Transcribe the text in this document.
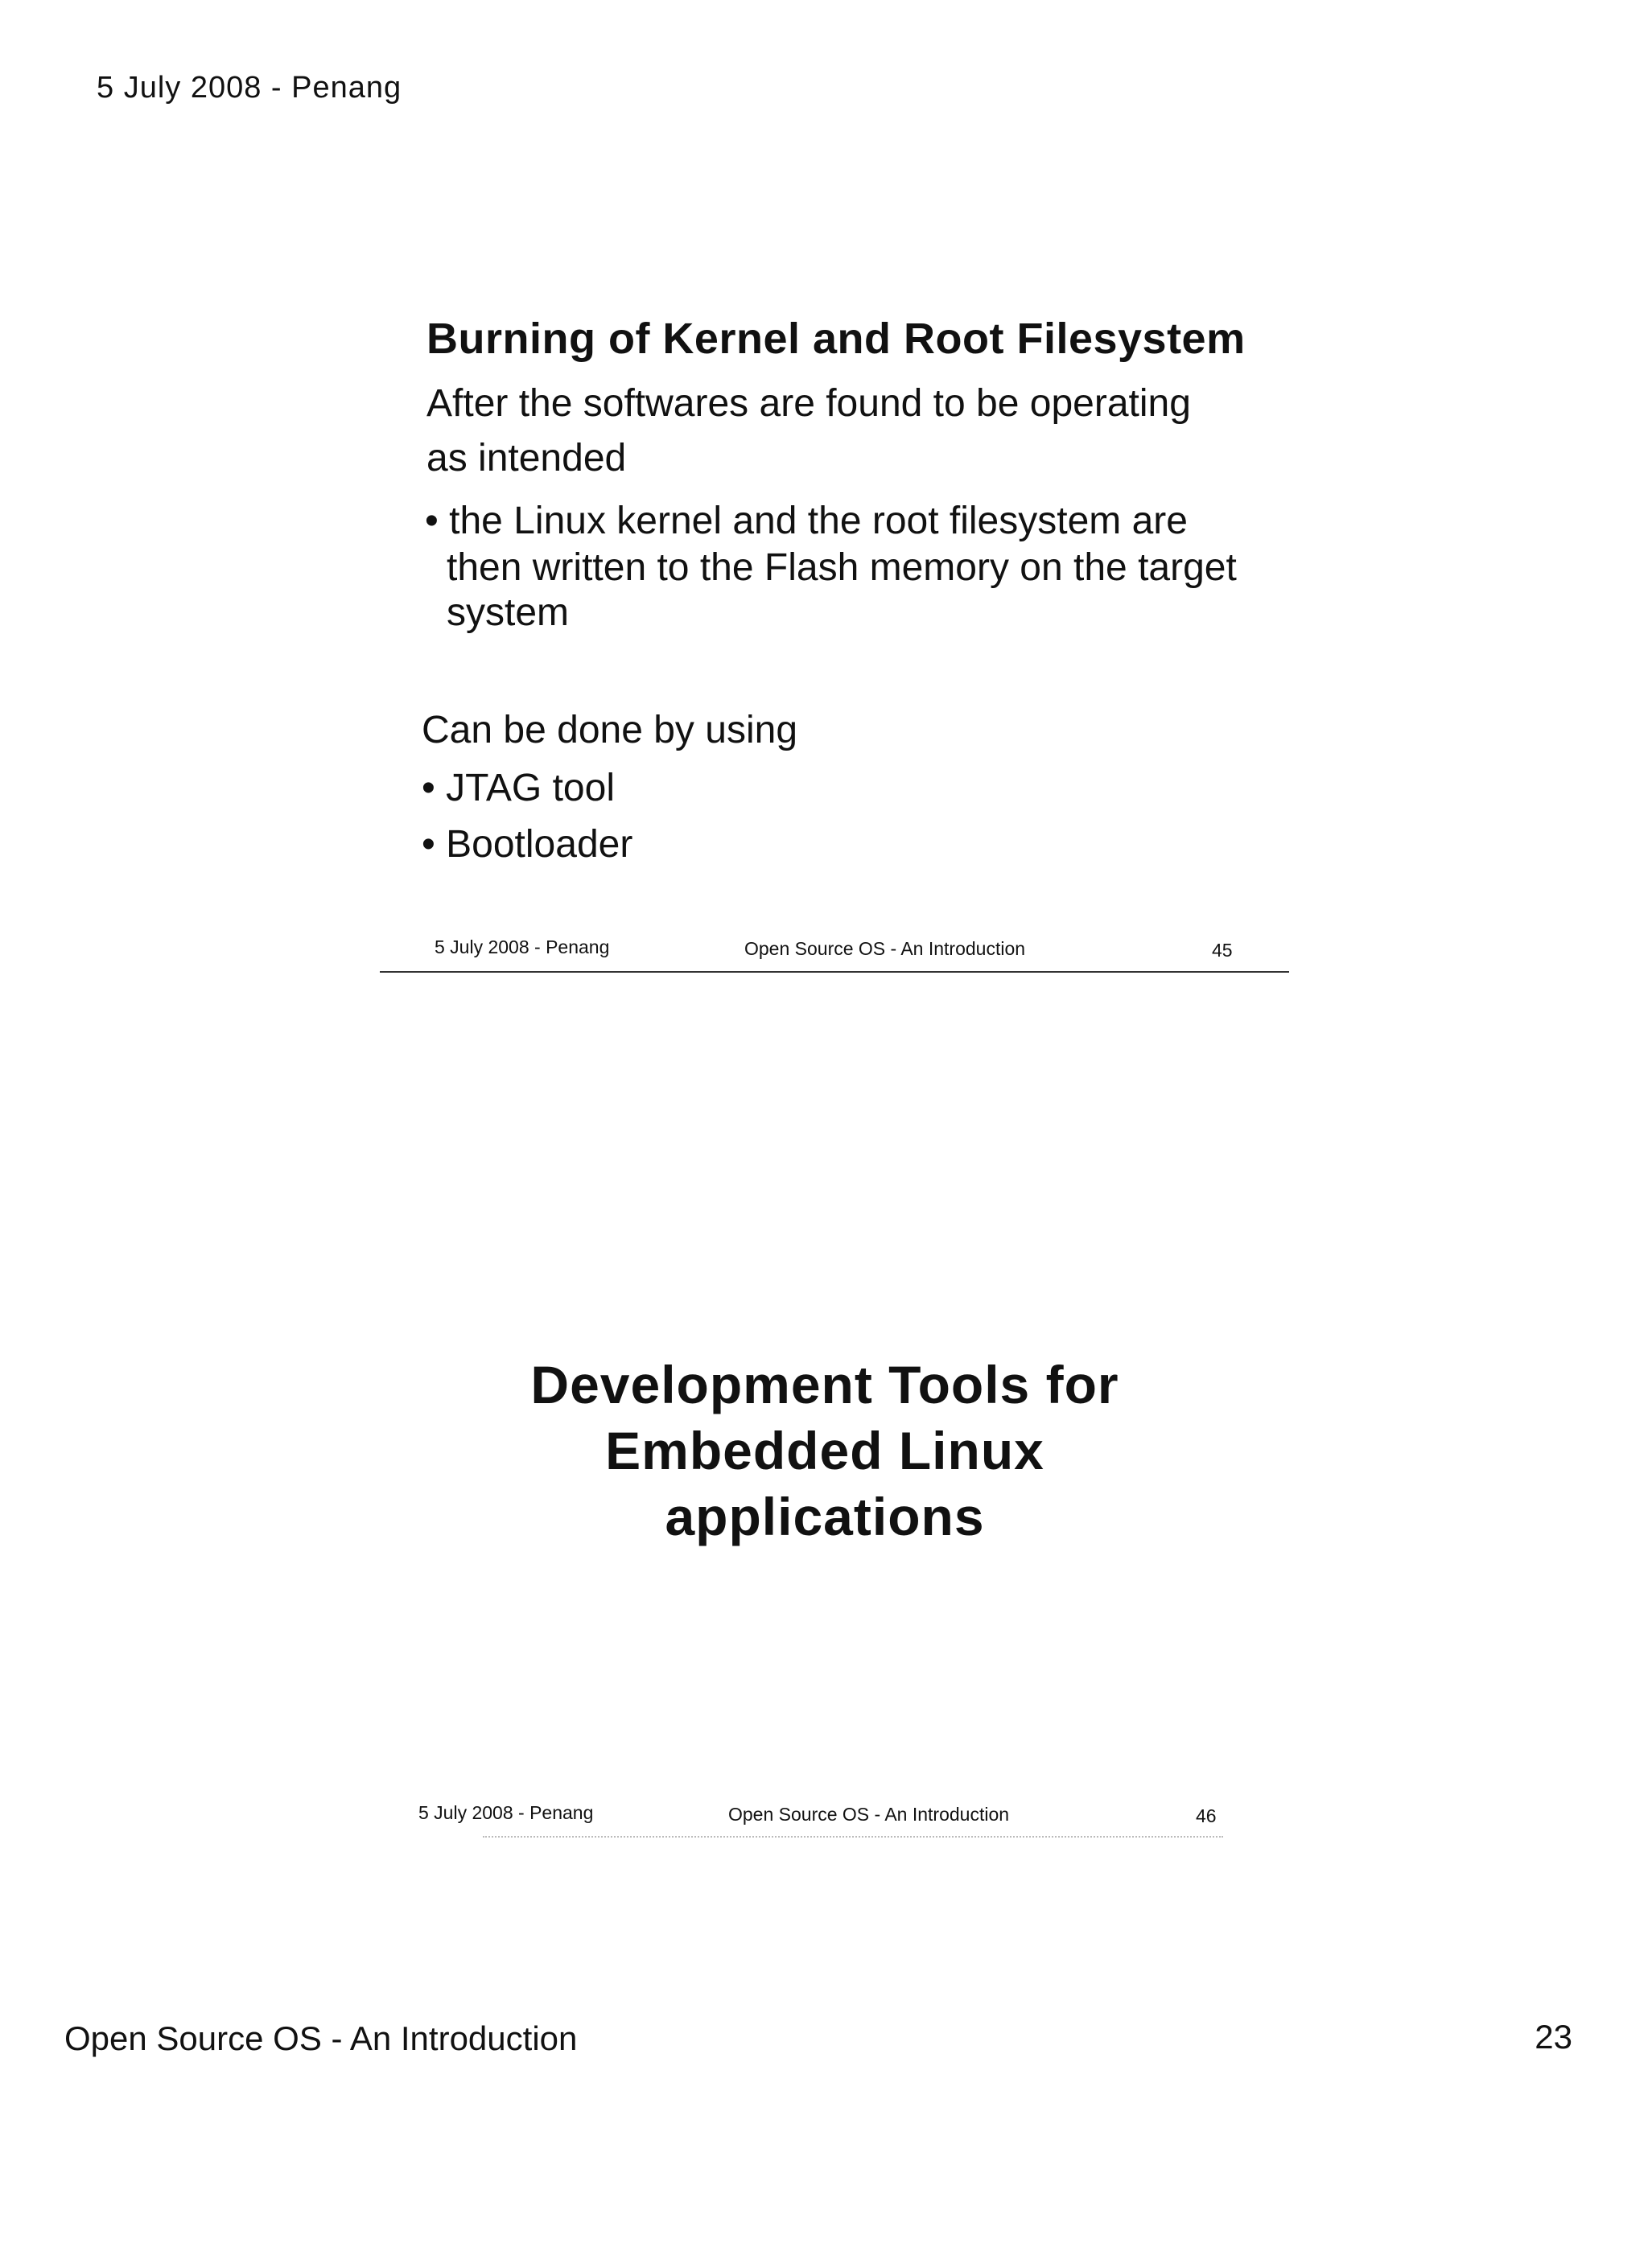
5 July 2008 - Penang
Burning of Kernel and Root Filesystem
After the softwares are found to be operating
as intended
• the Linux kernel and the root filesystem are
then written to the Flash memory on the target
system
Can be done by using
• JTAG tool
• Bootloader
5 July 2008 - Penang	Open Source OS - An Introduction	45
Development Tools for Embedded Linux applications
5 July 2008 - Penang	Open Source OS - An Introduction	46
Open Source OS - An Introduction	23
